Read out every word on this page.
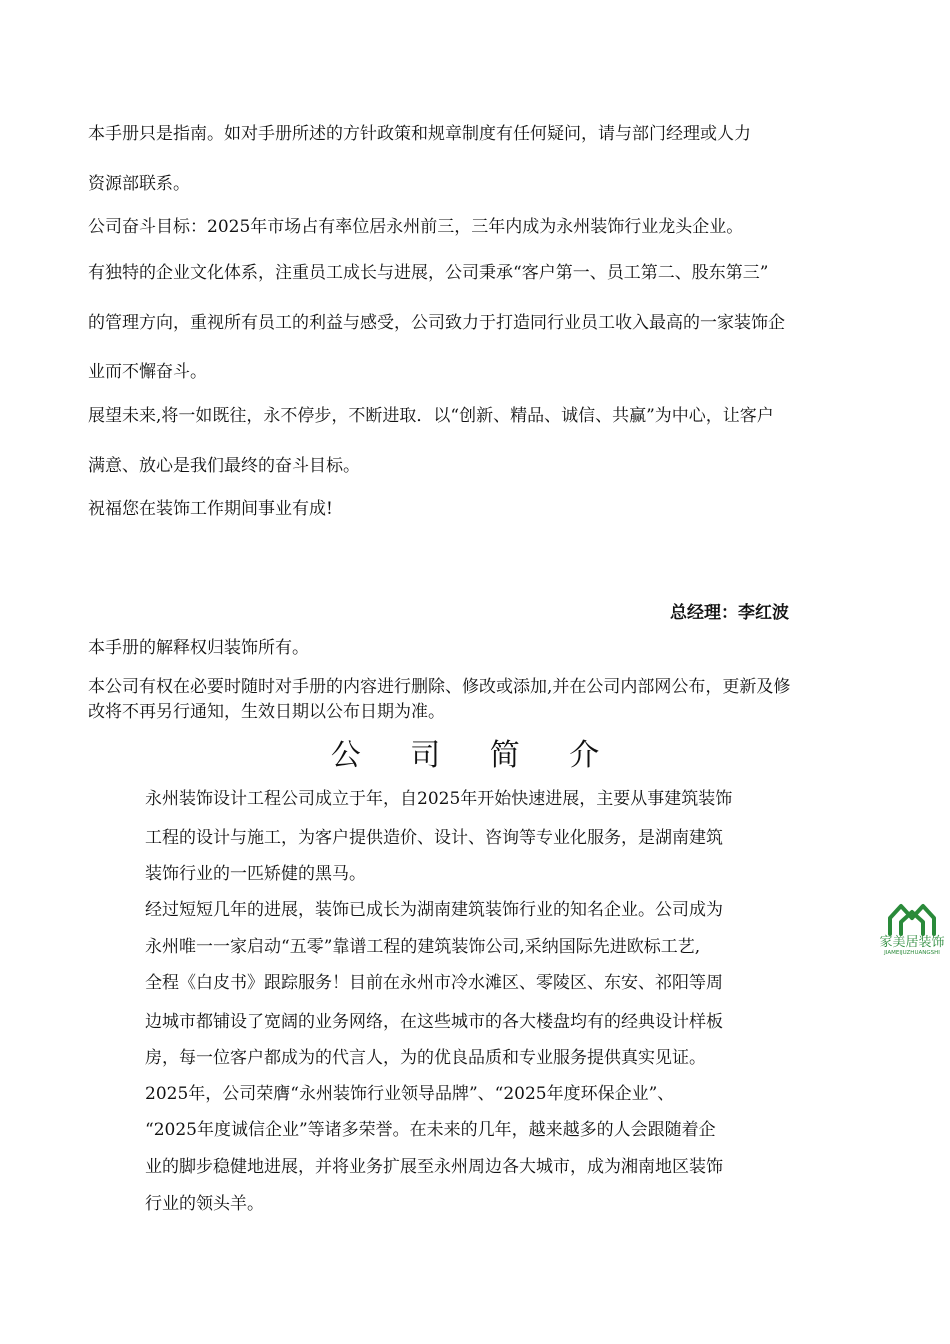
本手册只是指南。如对手册所述的方针政策和规章制度有任何疑问，请与部门经理或人力
资源部联系。
公司奋斗目标：2025年市场占有率位居永州前三，三年内成为永州装饰行业龙头企业。
有独特的企业文化体系，注重员工成长与进展，公司秉承“客户第一、员工第二、股东第三”
的管理方向，重视所有员工的利益与感受，公司致力于打造同行业员工收入最高的一家装饰企
业而不懈奋斗。
展望未来,将一如既往，永不停步，不断进取．以“创新、精品、诚信、共赢”为中心，让客户
满意、放心是我们最终的奋斗目标。
祝福您在装饰工作期间事业有成!
总经理：李红波
本手册的解释权归装饰所有。
本公司有权在必要时随时对手册的内容进行删除、修改或添加,并在公司内部网公布，更新及修
改将不再另行通知，生效日期以公布日期为准。
公 司 简 介
永州装饰设计工程公司成立于年，自2025年开始快速进展，主要从事建筑装饰
工程的设计与施工，为客户提供造价、设计、咨询等专业化服务，是湖南建筑
装饰行业的一匹矫健的黑马。
经过短短几年的进展，装饰已成长为湖南建筑装饰行业的知名企业。公司成为
永州唯一一家启动“五零”靠谱工程的建筑装饰公司,采纳国际先进欧标工艺,
全程《白皮书》跟踪服务！目前在永州市冷水滩区、零陵区、东安、祁阳等周
边城市都铺设了宽阔的业务网络，在这些城市的各大楼盘均有的经典设计样板
房，每一位客户都成为的代言人，为的优良品质和专业服务提供真实见证。
2025年，公司荣膺“永州装饰行业领导品牌”、“2025年度环保企业”、
“2025年度诚信企业”等诸多荣誉。在未来的几年，越来越多的人会跟随着企
业的脚步稳健地进展，并将业务扩展至永州周边各大城市，成为湘南地区装饰
行业的领头羊。
家美居装饰
JIAMEIJUZHUANGSHI
